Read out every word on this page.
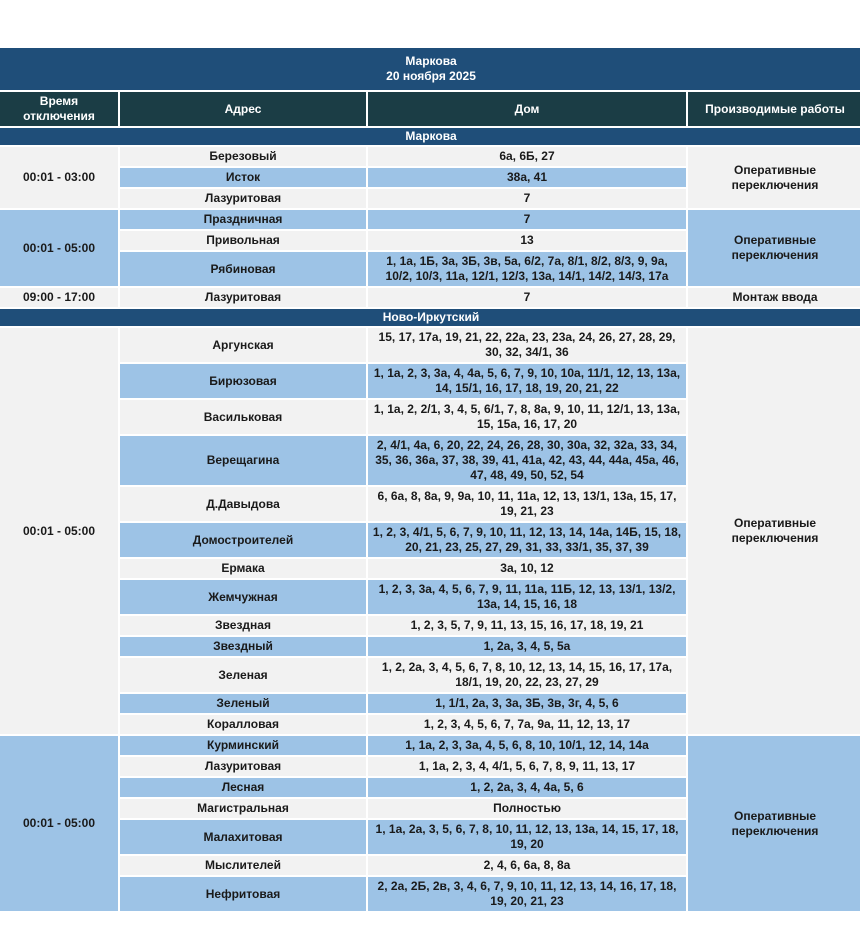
Маркова
20 ноября 2025			

Время отключения	Адрес	Дом	Производимые работы
Маркова			
00:01 - 03:00	Березовый	6а, 6Б, 27	Оперативные переключения
	Исток	38а, 41	
	Лазуритовая	7	
00:01 - 05:00	Праздничная	7	Оперативные переключения
	Привольная	13	
	Рябиновая	1, 1а, 1Б, 3а, 3Б, 3в, 5а, 6/2, 7а, 8/1, 8/2, 8/3, 9, 9а, 10/2, 10/3, 11а, 12/1, 12/3, 13а, 14/1, 14/2, 14/3, 17а	
09:00 - 17:00	Лазуритовая	7	Монтаж ввода
Ново-Иркутский			
00:01 - 05:00	Аргунская	15, 17, 17а, 19, 21, 22, 22а, 23, 23а, 24, 26, 27, 28, 29, 30, 32, 34/1, 36	Оперативные переключения
	Бирюзовая	1, 1а, 2, 3, 3а, 4, 4а, 5, 6, 7, 9, 10, 10а, 11/1, 12, 13, 13а, 14, 15/1, 16, 17, 18, 19, 20, 21, 22	
	Васильковая	1, 1а, 2, 2/1, 3, 4, 5, 6/1, 7, 8, 8а, 9, 10, 11, 12/1, 13, 13а, 15, 15а, 16, 17, 20	
	Верещагина	2, 4/1, 4а, 6, 20, 22, 24, 26, 28, 30, 30а, 32, 32а, 33, 34, 35, 36, 36а, 37, 38, 39, 41, 41а, 42, 43, 44, 44а, 45а, 46, 47, 48, 49, 50, 52, 54	
	Д.Давыдова	6, 6а, 8, 8а, 9, 9а, 10, 11, 11а, 12, 13, 13/1, 13а, 15, 17, 19, 21, 23	
	Домостроителей	1, 2, 3, 4/1, 5, 6, 7, 9, 10, 11, 12, 13, 14, 14а, 14Б, 15, 18, 20, 21, 23, 25, 27, 29, 31, 33, 33/1, 35, 37, 39	
	Ермака	3а, 10, 12	
	Жемчужная	1, 2, 3, 3а, 4, 5, 6, 7, 9, 11, 11а, 11Б, 12, 13, 13/1, 13/2, 13а, 14, 15, 16, 18	
	Звездная	1, 2, 3, 5, 7, 9, 11, 13, 15, 16, 17, 18, 19, 21	
	Звездный	1, 2а, 3, 4, 5, 5а	
	Зеленая	1, 2, 2а, 3, 4, 5, 6, 7, 8, 10, 12, 13, 14, 15, 16, 17, 17а, 18/1, 19, 20, 22, 23, 27, 29	
	Зеленый	1, 1/1, 2а, 3, 3а, 3Б, 3в, 3г, 4, 5, 6	
	Коралловая	1, 2, 3, 4, 5, 6, 7, 7а, 9а, 11, 12, 13, 17	
00:01 - 05:00	Курминский	1, 1а, 2, 3, 3а, 4, 5, 6, 8, 10, 10/1, 12, 14, 14а	Оперативные переключения
	Лазуритовая	1, 1а, 2, 3, 4, 4/1, 5, 6, 7, 8, 9, 11, 13, 17	
	Лесная	1, 2, 2а, 3, 4, 4а, 5, 6	
	Магистральная	Полностью	
	Малахитовая	1, 1а, 2а, 3, 5, 6, 7, 8, 10, 11, 12, 13, 13а, 14, 15, 17, 18, 19, 20	
	Мыслителей	2, 4, 6, 6а, 8, 8а	
	Нефритовая	2, 2а, 2Б, 2в, 3, 4, 6, 7, 9, 10, 11, 12, 13, 14, 16, 17, 18, 19, 20, 21, 23	
